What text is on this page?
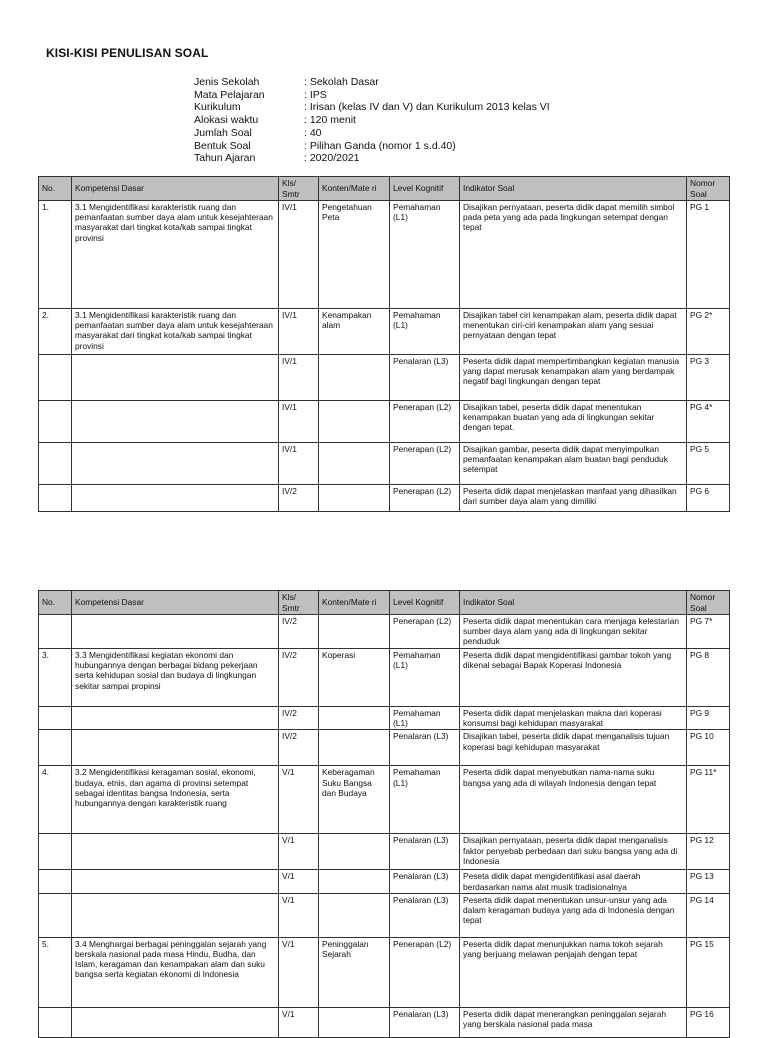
KISI-KISI PENULISAN SOAL
Jenis Sekolah	: Sekolah Dasar
Mata Pelajaran	: IPS
Kurikulum	: Irisan (kelas IV dan V) dan Kurikulum 2013 kelas VI
Alokasi waktu	: 120 menit
Jumlah Soal	: 40
Bentuk Soal	: Pilihan Ganda (nomor 1 s.d.40)
Tahun Ajaran	: 2020/2021
No.	Kompetensi Dasar	Kls/ Smtr	Konten/Mate ri	Level Kognitif	Indikator Soal	Nomor Soal
1.	3.1 Mengidentifikasi karakteristik ruang dan pemanfaatan sumber daya alam untuk kesejahteraan masyarakat dari tingkat kota/kab sampai tingkat provinsi	IV/1	Pengetahuan Peta	Pemahaman (L1)	Disajikan pernyataan, peserta didik dapat memilih simbol pada peta yang ada pada lingkungan setempat dengan tepat	PG 1
2.	3.1 Mengidentifikasi karakteristik ruang dan pemanfaatan sumber daya alam untuk kesejahteraan masyarakat dari tingkat kota/kab sampai tingkat provinsi	IV/1	Kenampakan alam	Pemahaman (L1)	Disajikan tabel ciri kenampakan alam, peserta didik dapat menentukan ciri-ciri kenampakan alam yang sesuai pernyataan dengan tepat	PG 2*
		IV/1		Penalaran (L3)	Peserta didik dapat mempertimbangkan kegiatan manusia yang dapat merusak kenampakan alam yang berdampak negatif bagi lingkungan dengan tepat	PG 3
		IV/1		Penerapan (L2)	Disajikan tabel, peserta didik dapat menentukan kenampakan buatan yang ada di lingkungan sekitar dengan tepat.	PG 4*
		IV/1		Penerapan (L2)	Disajikan gambar, peserta didik dapat menyimpulkan pemanfaatan kenampakan alam buatan bagi penduduk setempat	PG 5
		IV/2		Penerapan (L2)	Peserta didik dapat menjelaskan manfaat yang dihasilkan dari sumber daya alam yang dimiliki	PG 6
No.	Kompetensi Dasar	Kls/ Smtr	Konten/Mate ri	Level Kognitif	Indikator Soal	Nomor Soal
		IV/2		Penerapan (L2)	Peserta didik dapat menentukan cara menjaga kelestarian sumber daya alam yang ada di lingkungan sekitar penduduk	PG 7*
3.	3.3 Mengidentifikasi kegiatan ekonomi dan hubungannya dengan berbagai bidang pekerjaan serta kehidupan sosial dan budaya di lingkungan sekitar sampai propinsi	IV/2	Koperasi	Pemahaman (L1)	Peserta didik dapat mengidentifikasi gambar tokoh yang dikenal sebagai Bapak Koperasi Indonesia	PG 8
		IV/2		Pemahaman (L1)	Peserta didik dapat menjelaskan makna dari koperasi konsumsi bagi kehidupan masyarakat	PG 9
		IV/2		Penalaran (L3)	Disajikan tabel, peserta didik dapat menganalisis tujuan koperasi bagi kehidupan masyarakat	PG 10
4.	3.2 Mengidentifikasi keragaman sosial, ekonomi, budaya, etnis, dan agama di provinsi setempat sebagai identitas bangsa Indonesia, serta hubungannya dengan karakteristik ruang	V/1	Keberagaman Suku Bangsa dan Budaya	Pemahaman (L1)	Peserta didik dapat menyebutkan nama-nama suku bangsa yang ada di wilayah Indonesia dengan tepat	PG 11*
		V/1		Penalaran (L3)	Disajikan pernyataan, peserta didik dapat menganalisis faktor penyebab perbedaan dari suku bangsa yang ada di Indonesia	PG 12
		V/1		Penalaran (L3)	Peseta didik dapat mengidentifikasi asal daerah berdasarkan nama alat musik tradisionalnya	PG 13
		V/1		Penalaran (L3)	Peserta didik dapat menentukan unsur-unsur yang ada dalam keragaman budaya yang ada di Indonesia dengan tepat	PG 14
5.	3.4 Menghargai berbagai peninggalan sejarah yang berskala nasional pada masa Hindu, Budha, dan Islam, keragaman dan kenampakan alam dan suku bangsa serta kegiatan ekonomi di Indonesia	V/1	Peninggalan Sejarah	Penerapan (L2)	Peserta didik dapat menunjukkan nama tokoh sejarah yang berjuang melawan penjajah dengan tepat	PG 15
		V/1		Penalaran (L3)	Peserta didik dapat menerangkan peninggalan sejarah yang berskala nasional pada masa	PG 16
